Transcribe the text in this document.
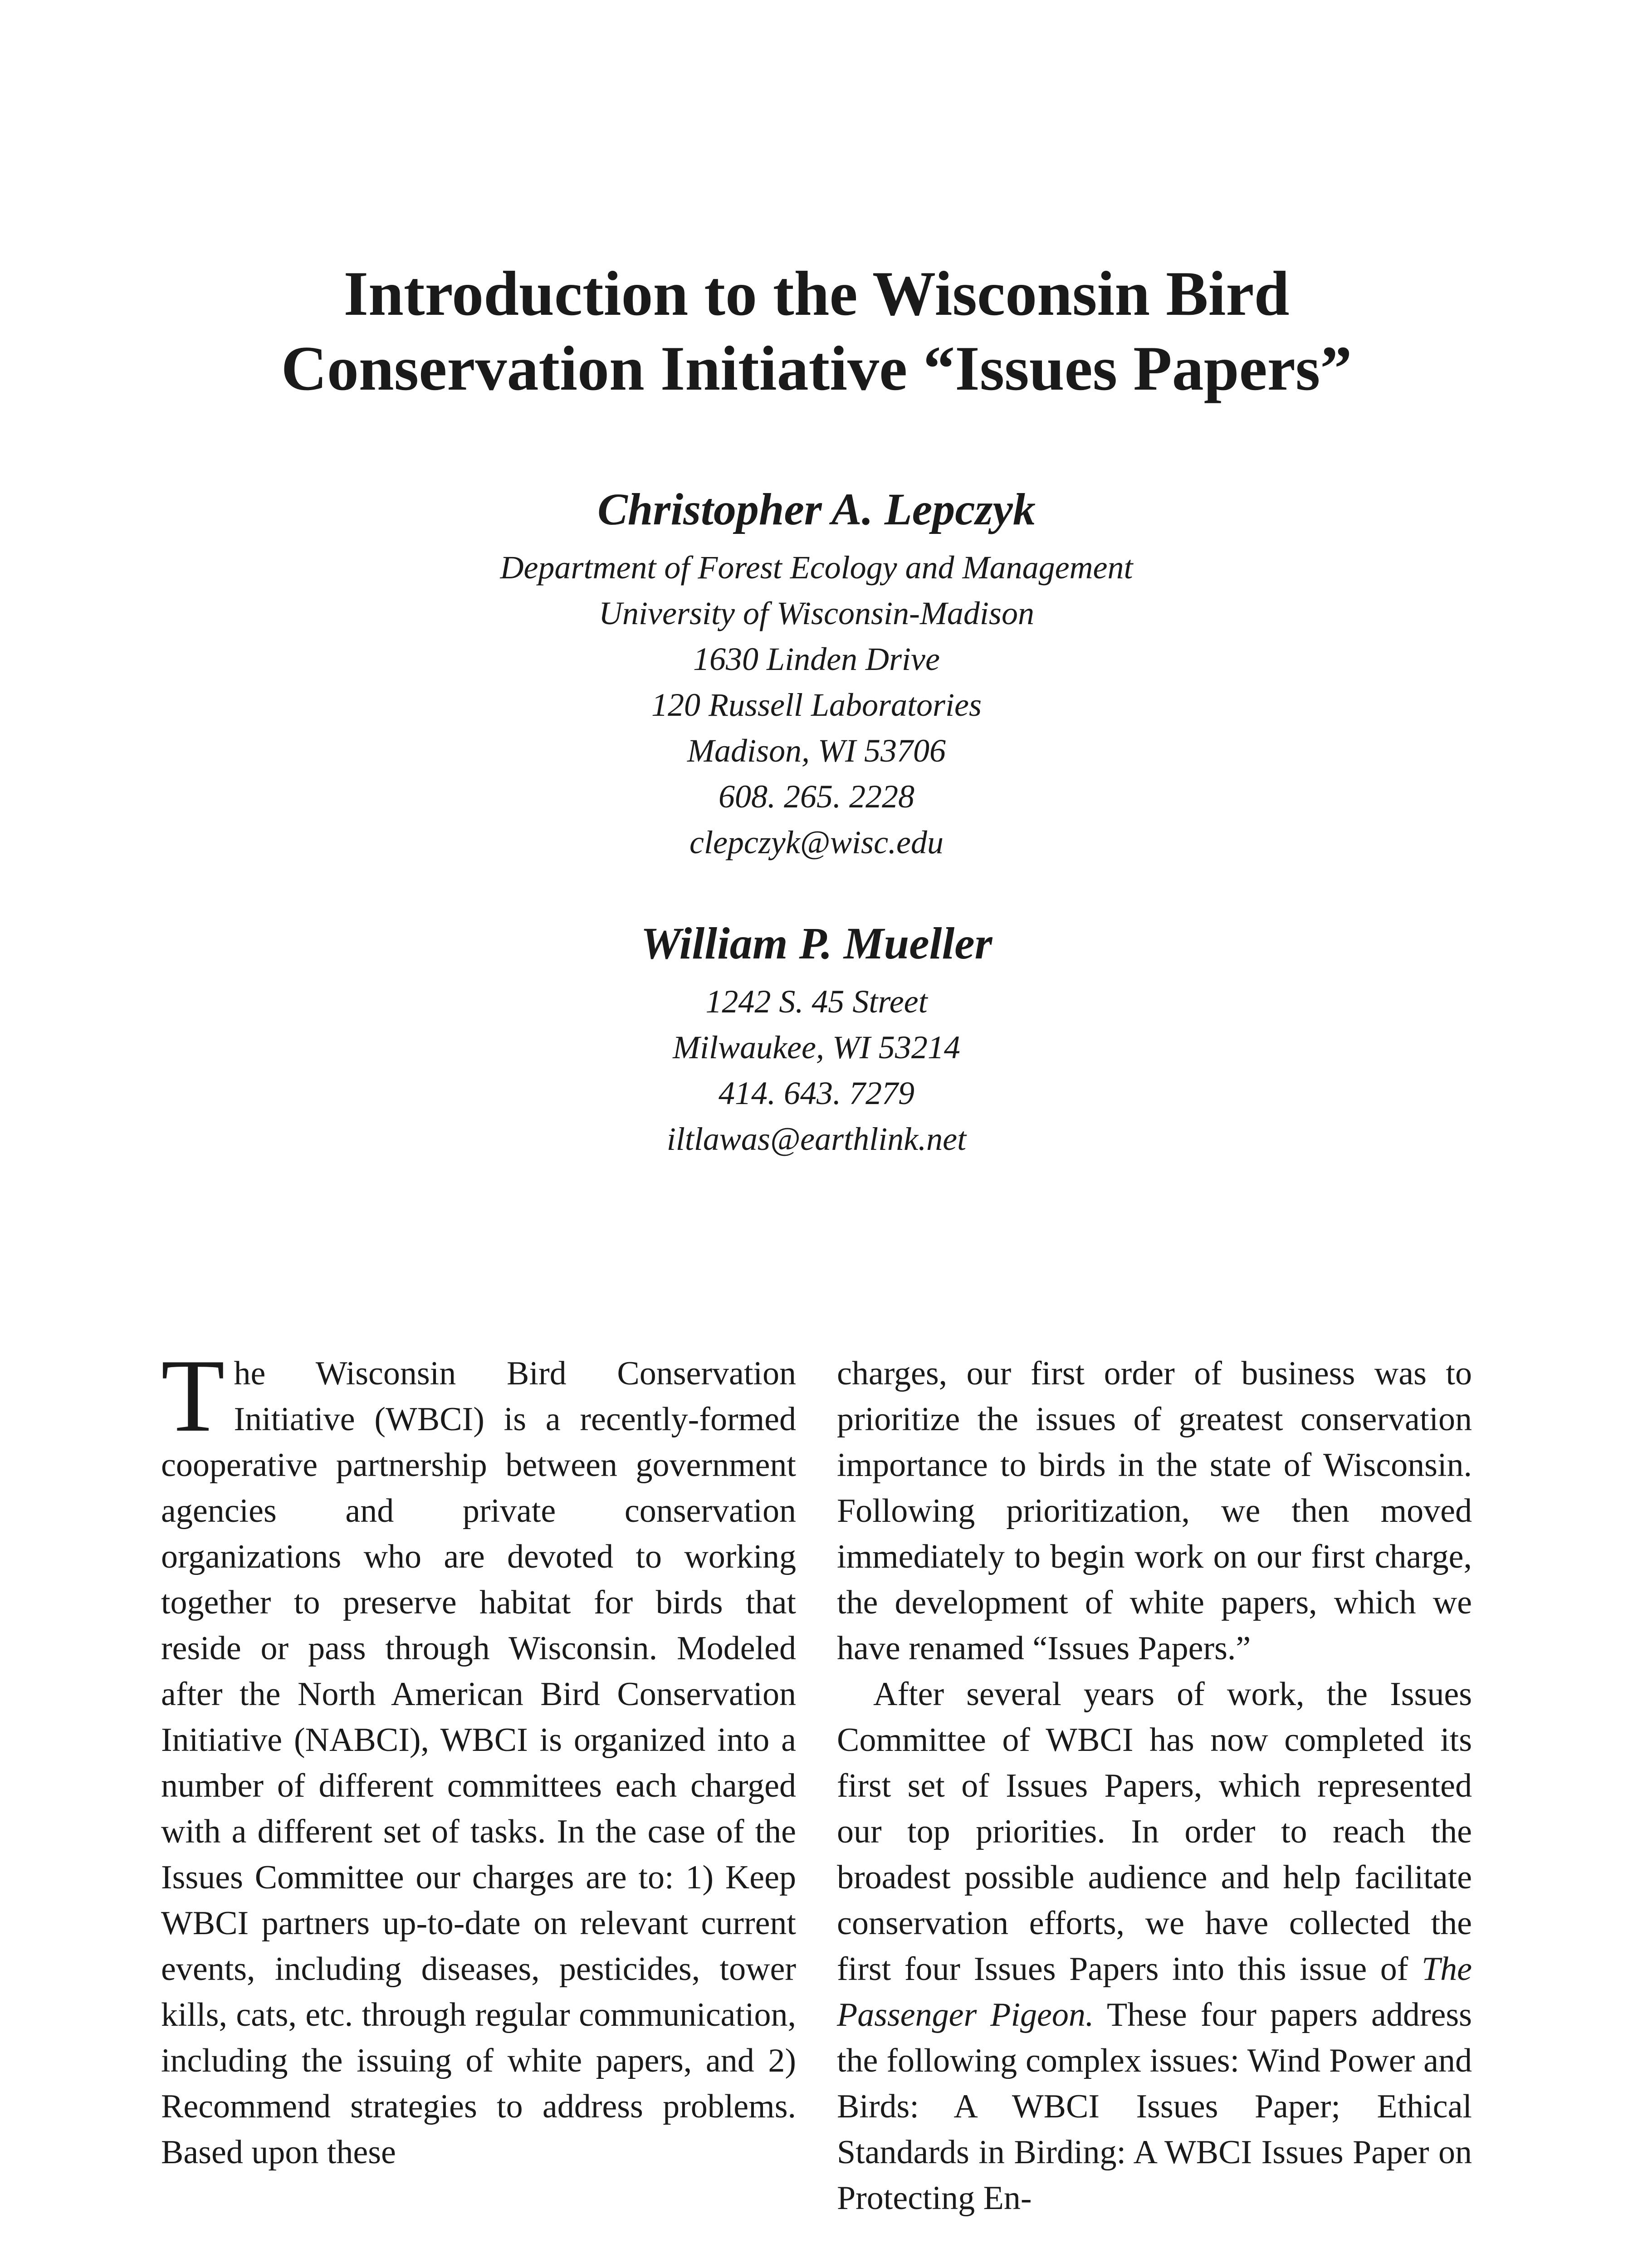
Introduction to the Wisconsin Bird
Conservation Initiative “Issues Papers”
Christopher A. Lepczyk
Department of Forest Ecology and Management
University of Wisconsin-Madison
1630 Linden Drive
120 Russell Laboratories
Madison, WI 53706
608. 265. 2228
clepczyk@wisc.edu
William P. Mueller
1242 S. 45 Street
Milwaukee, WI 53214
414. 643. 7279
iltlawas@earthlink.net

The Wisconsin Bird Conservation Initiative (WBCI) is a recently-formed cooperative partnership between government agencies and private conservation organizations who are devoted to working together to preserve habitat for birds that reside or pass through Wisconsin. Modeled after the North American Bird Conservation Initiative (NABCI), WBCI is organized into a number of different committees each charged with a different set of tasks. In the case of the Issues Committee our charges are to: 1) Keep WBCI partners up-to-date on relevant current events, including diseases, pesticides, tower kills, cats, etc. through regular communication, including the issuing of white papers, and 2) Recommend strategies to address problems. Based upon these

charges, our first order of business was to prioritize the issues of greatest conservation importance to birds in the state of Wisconsin. Following prioritization, we then moved immediately to begin work on our first charge, the development of white papers, which we have renamed “Issues Papers.”

After several years of work, the Issues Committee of WBCI has now completed its first set of Issues Papers, which represented our top priorities. In order to reach the broadest possible audience and help facilitate conservation efforts, we have collected the first four Issues Papers into this issue of The Passenger Pigeon. These four papers address the following complex issues: Wind Power and Birds: A WBCI Issues Paper; Ethical Standards in Birding: A WBCI Issues Paper on Protecting En-
